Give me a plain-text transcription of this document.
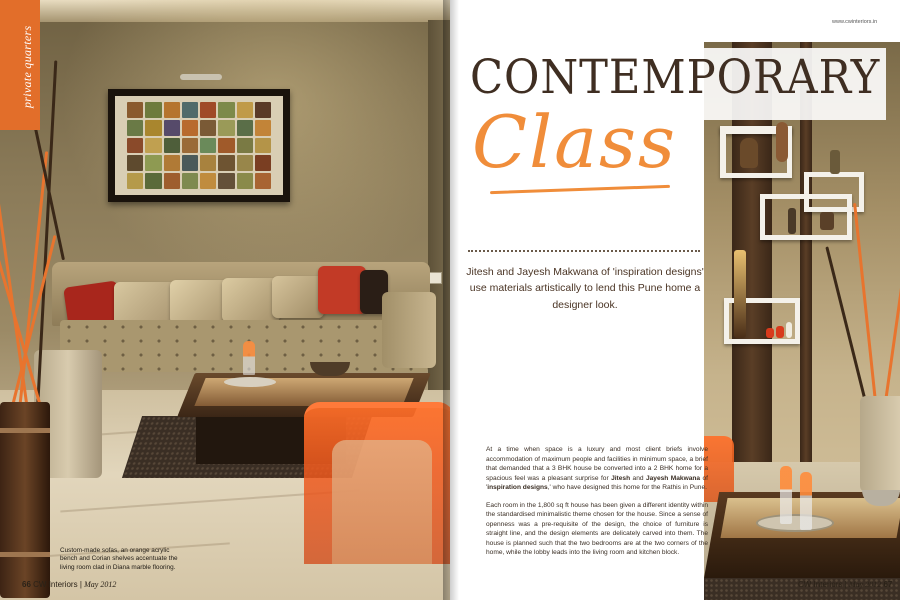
private quarters
Custom-made sofas, an orange acrylic bench and Corian shelves accentuate the living room clad in Diana marble flooring.
66 CW Interiors | May 2012
www.cwinteriors.in
CONTEMPORARY
Class
Jitesh and Jayesh Makwana of 'inspiration designs' use materials artistically to lend this Pune home a designer look.

At a time when space is a luxury and most client briefs involve accommodation of maximum people and facilities in minimum space, a brief that demanded that a 3 BHK house be converted into a 2 BHK home for a spacious feel was a pleasant surprise for Jitesh and Jayesh Makwana of 'inspiration designs,' who have designed this home for the Rathis in Pune.

Each room in the 1,800 sq ft house has been given a different identity within the standardised minimalistic theme chosen for the house. Since a sense of openness was a pre-requisite of the design, the choice of furniture is straight line, and the design elements are delicately carved into them. The house is planned such that the two bedrooms are at the two corners of the home, while the lobby leads into the living room and kitchen block.

CW Interiors | May 2012 67
